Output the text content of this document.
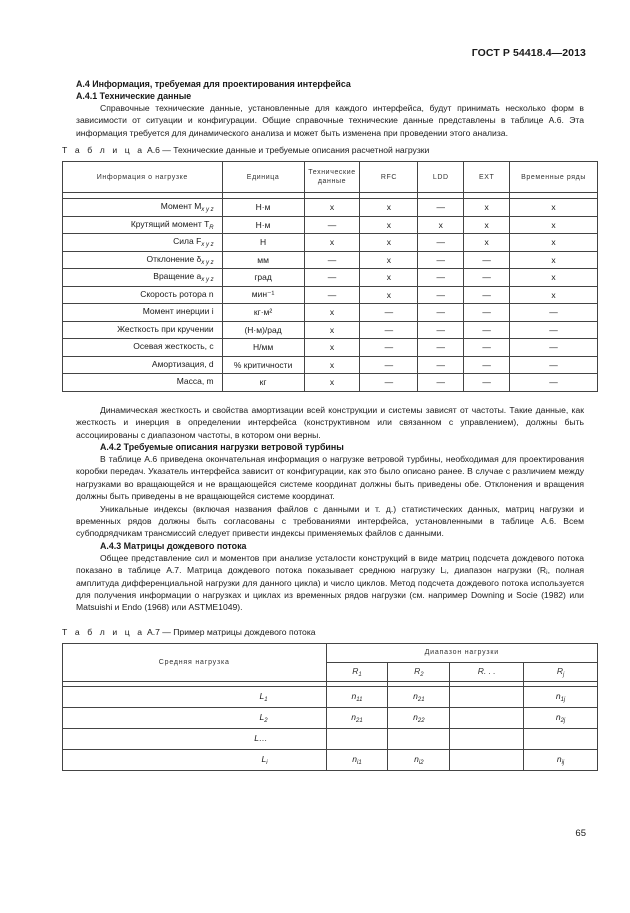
ГОСТ Р 54418.4—2013

А.4 Информация, требуемая для проектирования интерфейса

А.4.1 Технические данные

Справочные технические данные, установленные для каждого интерфейса, будут принимать несколько форм в зависимости от ситуации и конфигурации. Общие справочные технические данные представлены в таблице А.6. Эта информация требуется для динамического анализа и может быть изменена при проведении этого анализа.

Т а б л и ц а А.6 — Технические данные и требуемые описания расчетной нагрузки

Информация о нагрузке	Единица	Технические данные	RFC	LDD	EXT	Временные ряды

Момент $M_{x y z}$	Н·м	x	x	—	x	x
Крутящий момент $T_R$	Н·м	—	x	x	x	x
Сила $F_{x y z}$	Н	x	x	—	x	x
Отклонение $\delta_{x y z}$	мм	—	x	—	—	x
Вращение $a_{x y z}$	град	—	x	—	—	x
Скорость ротора n	мин⁻¹	—	x	—	—	x
Момент инерции i	кг·м²	x	—	—	—	—
Жесткость при кручении	(Н·м)/рад	x	—	—	—	—
Осевая жесткость, c	Н/мм	x	—	—	—	—
Амортизация, d	% критичности	x	—	—	—	—
Масса, m	кг	x	—	—	—	—

Динамическая жесткость и свойства амортизации всей конструкции и системы зависят от частоты. Такие данные, как жесткость и инерция в определении интерфейса (конструктивном или связанном с управлением), должны быть ассоциированы с диапазоном частоты, в котором они верны.

А.4.2 Требуемые описания нагрузки ветровой турбины

В таблице А.6 приведена окончательная информация о нагрузке ветровой турбины, необходимая для проектирования коробки передач. Указатель интерфейса зависит от конфигурации, как это было описано ранее. В случае с различием между нагрузками во вращающейся и не вращающейся системе координат должны быть приведены обе. Отклонения и вращения должны быть приведены в не вращающейся системе координат.

Уникальные индексы (включая названия файлов с данными и т. д.) статистических данных, матриц нагрузки и временных рядов должны быть согласованы с требованиями интерфейса, установленными в таблице А.6. Всем субподрядчикам трансмиссий следует привести индексы применяемых файлов с данными.

А.4.3 Матрицы дождевого потока

Общее представление сил и моментов при анализе усталости конструкций в виде матриц подсчета дождевого потока показано в таблице А.7. Матрица дождевого потока показывает среднюю нагрузку Lᵢ, диапазон нагрузки (Rⱼ, полная амплитуда дифференциальной нагрузки для данного цикла) и число циклов. Метод подсчета дождевого потока используется для получения информации о нагрузках и циклах из временных рядов нагрузки (см. например Downing и Socie (1982) или Matsuishi и Endo (1968) или ASTME1049).

Т а б л и ц а А.7 — Пример матрицы дождевого потока

Средняя нагрузка	Диапазон нагрузки			
	$R_1$	$R_2$	R. . .	$R_j$

$L_1$	$n_{11}$	$n_{21}$		$n_{1j}$
$L_2$	$n_{21}$	$n_{22}$		$n_{2j}$
L…				
$L_i$	$n_{i1}$	$n_{i2}$		$n_{ij}$
65
